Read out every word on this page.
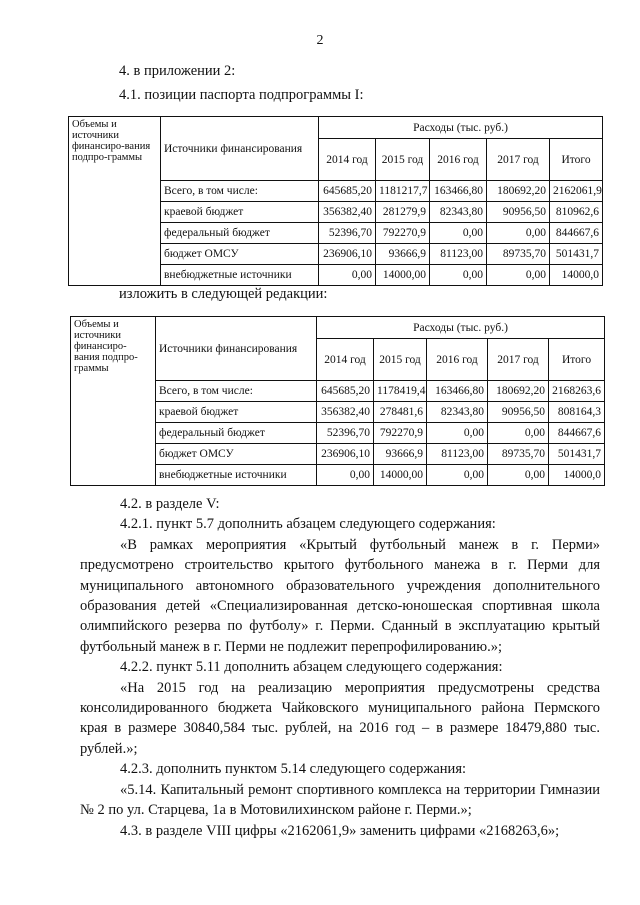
2
4. в приложении 2:
4.1. позиции паспорта подпрограммы I:
Объемы и источники финансиро-вания подпро-граммы	Источники финансирования	Расходы (тыс. руб.)				
		2014 год	2015 год	2016 год	2017 год	Итого
	Всего, в том числе:	645685,20	1181217,7	163466,80	180692,20	2162061,9
	краевой бюджет	356382,40	281279,9	82343,80	90956,50	810962,6
	федеральный бюджет	52396,70	792270,9	0,00	0,00	844667,6
	бюджет ОМСУ	236906,10	93666,9	81123,00	89735,70	501431,7
	внебюджетные источники	0,00	14000,00	0,00	0,00	14000,0
изложить в следующей редакции:
Объемы и источники финансиро-вания подпро-граммы	Источники финансирования	Расходы (тыс. руб.)				
		2014 год	2015 год	2016 год	2017 год	Итого
	Всего, в том числе:	645685,20	1178419,4	163466,80	180692,20	2168263,6
	краевой бюджет	356382,40	278481,6	82343,80	90956,50	808164,3
	федеральный бюджет	52396,70	792270,9	0,00	0,00	844667,6
	бюджет ОМСУ	236906,10	93666,9	81123,00	89735,70	501431,7
	внебюджетные источники	0,00	14000,00	0,00	0,00	14000,0

4.2. в разделе V:

4.2.1. пункт 5.7 дополнить абзацем следующего содержания:

«В рамках мероприятия «Крытый футбольный манеж в г. Перми» предусмотрено строительство крытого футбольного манежа в г. Перми для муниципального автономного образовательного учреждения дополнительного образования детей «Специализированная детско-юношеская спортивная школа олимпийского резерва по футболу» г. Перми. Сданный в эксплуатацию крытый футбольный манеж в г. Перми не подлежит перепрофилированию.»;

4.2.2. пункт 5.11 дополнить абзацем следующего содержания:

«На 2015 год на реализацию мероприятия предусмотрены средства консолидированного бюджета Чайковского муниципального района Пермского края в размере 30840,584 тыс. рублей, на 2016 год – в размере 18479,880 тыс. рублей.»;

4.2.3. дополнить пунктом 5.14 следующего содержания:

«5.14. Капитальный ремонт спортивного комплекса на территории Гимназии № 2 по ул. Старцева, 1а в Мотовилихинском районе г. Перми.»;

4.3. в разделе VIII цифры «2162061,9» заменить цифрами «2168263,6»;
